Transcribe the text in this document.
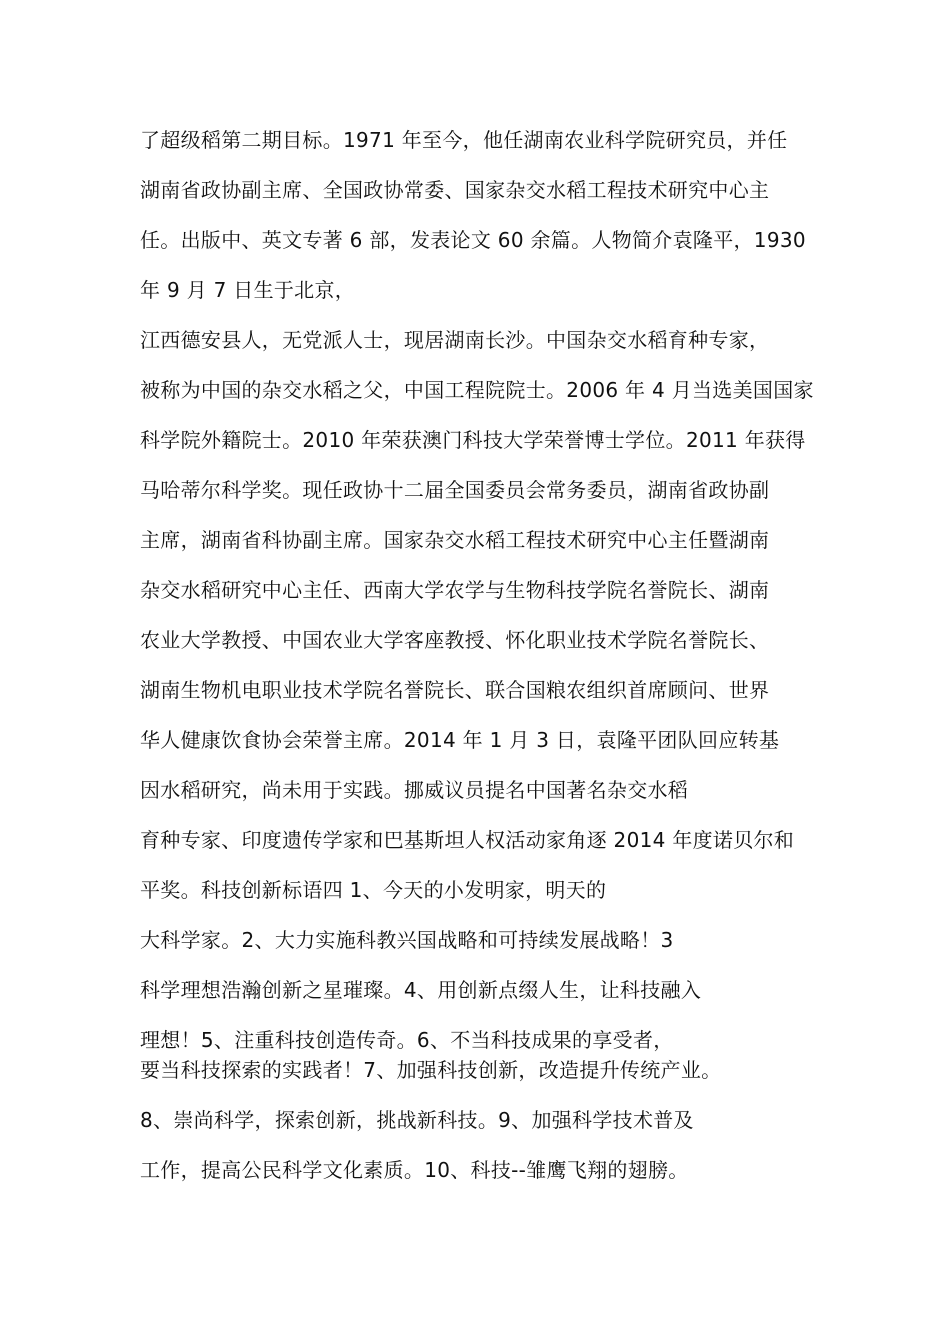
了超级稻第二期目标。1971 年至今，他任湖南农业科学院研究员，并任
湖南省政协副主席、全国政协常委、国家杂交水稻工程技术研究中心主
任。出版中、英文专著 6 部，发表论文 60 余篇。人物简介袁隆平，1930
年 9 月 7 日生于北京，
江西德安县人，无党派人士，现居湖南长沙。中国杂交水稻育种专家，
被称为中国的杂交水稻之父，中国工程院院士。2006 年 4 月当选美国国家
科学院外籍院士。2010 年荣获澳门科技大学荣誉博士学位。2011 年获得
马哈蒂尔科学奖。现任政协十二届全国委员会常务委员，湖南省政协副
主席，湖南省科协副主席。国家杂交水稻工程技术研究中心主任暨湖南
杂交水稻研究中心主任、西南大学农学与生物科技学院名誉院长、湖南
农业大学教授、中国农业大学客座教授、怀化职业技术学院名誉院长、
湖南生物机电职业技术学院名誉院长、联合国粮农组织首席顾问、世界
华人健康饮食协会荣誉主席。2014 年 1 月 3 日，袁隆平团队回应转基
因水稻研究，尚未用于实践。挪威议员提名中国著名杂交水稻
育种专家、印度遗传学家和巴基斯坦人权活动家角逐 2014 年度诺贝尔和
平奖。科技创新标语四 1、今天的小发明家，明天的
大科学家。2、大力实施科教兴国战略和可持续发展战略！3
科学理想浩瀚创新之星璀璨。4、用创新点缀人生，让科技融入
理想！5、注重科技创造传奇。6、不当科技成果的享受者，
要当科技探索的实践者！7、加强科技创新，改造提升传统产业。
8、崇尚科学，探索创新，挑战新科技。9、加强科学技术普及
工作，提高公民科学文化素质。10、科技--雏鹰飞翔的翅膀。
